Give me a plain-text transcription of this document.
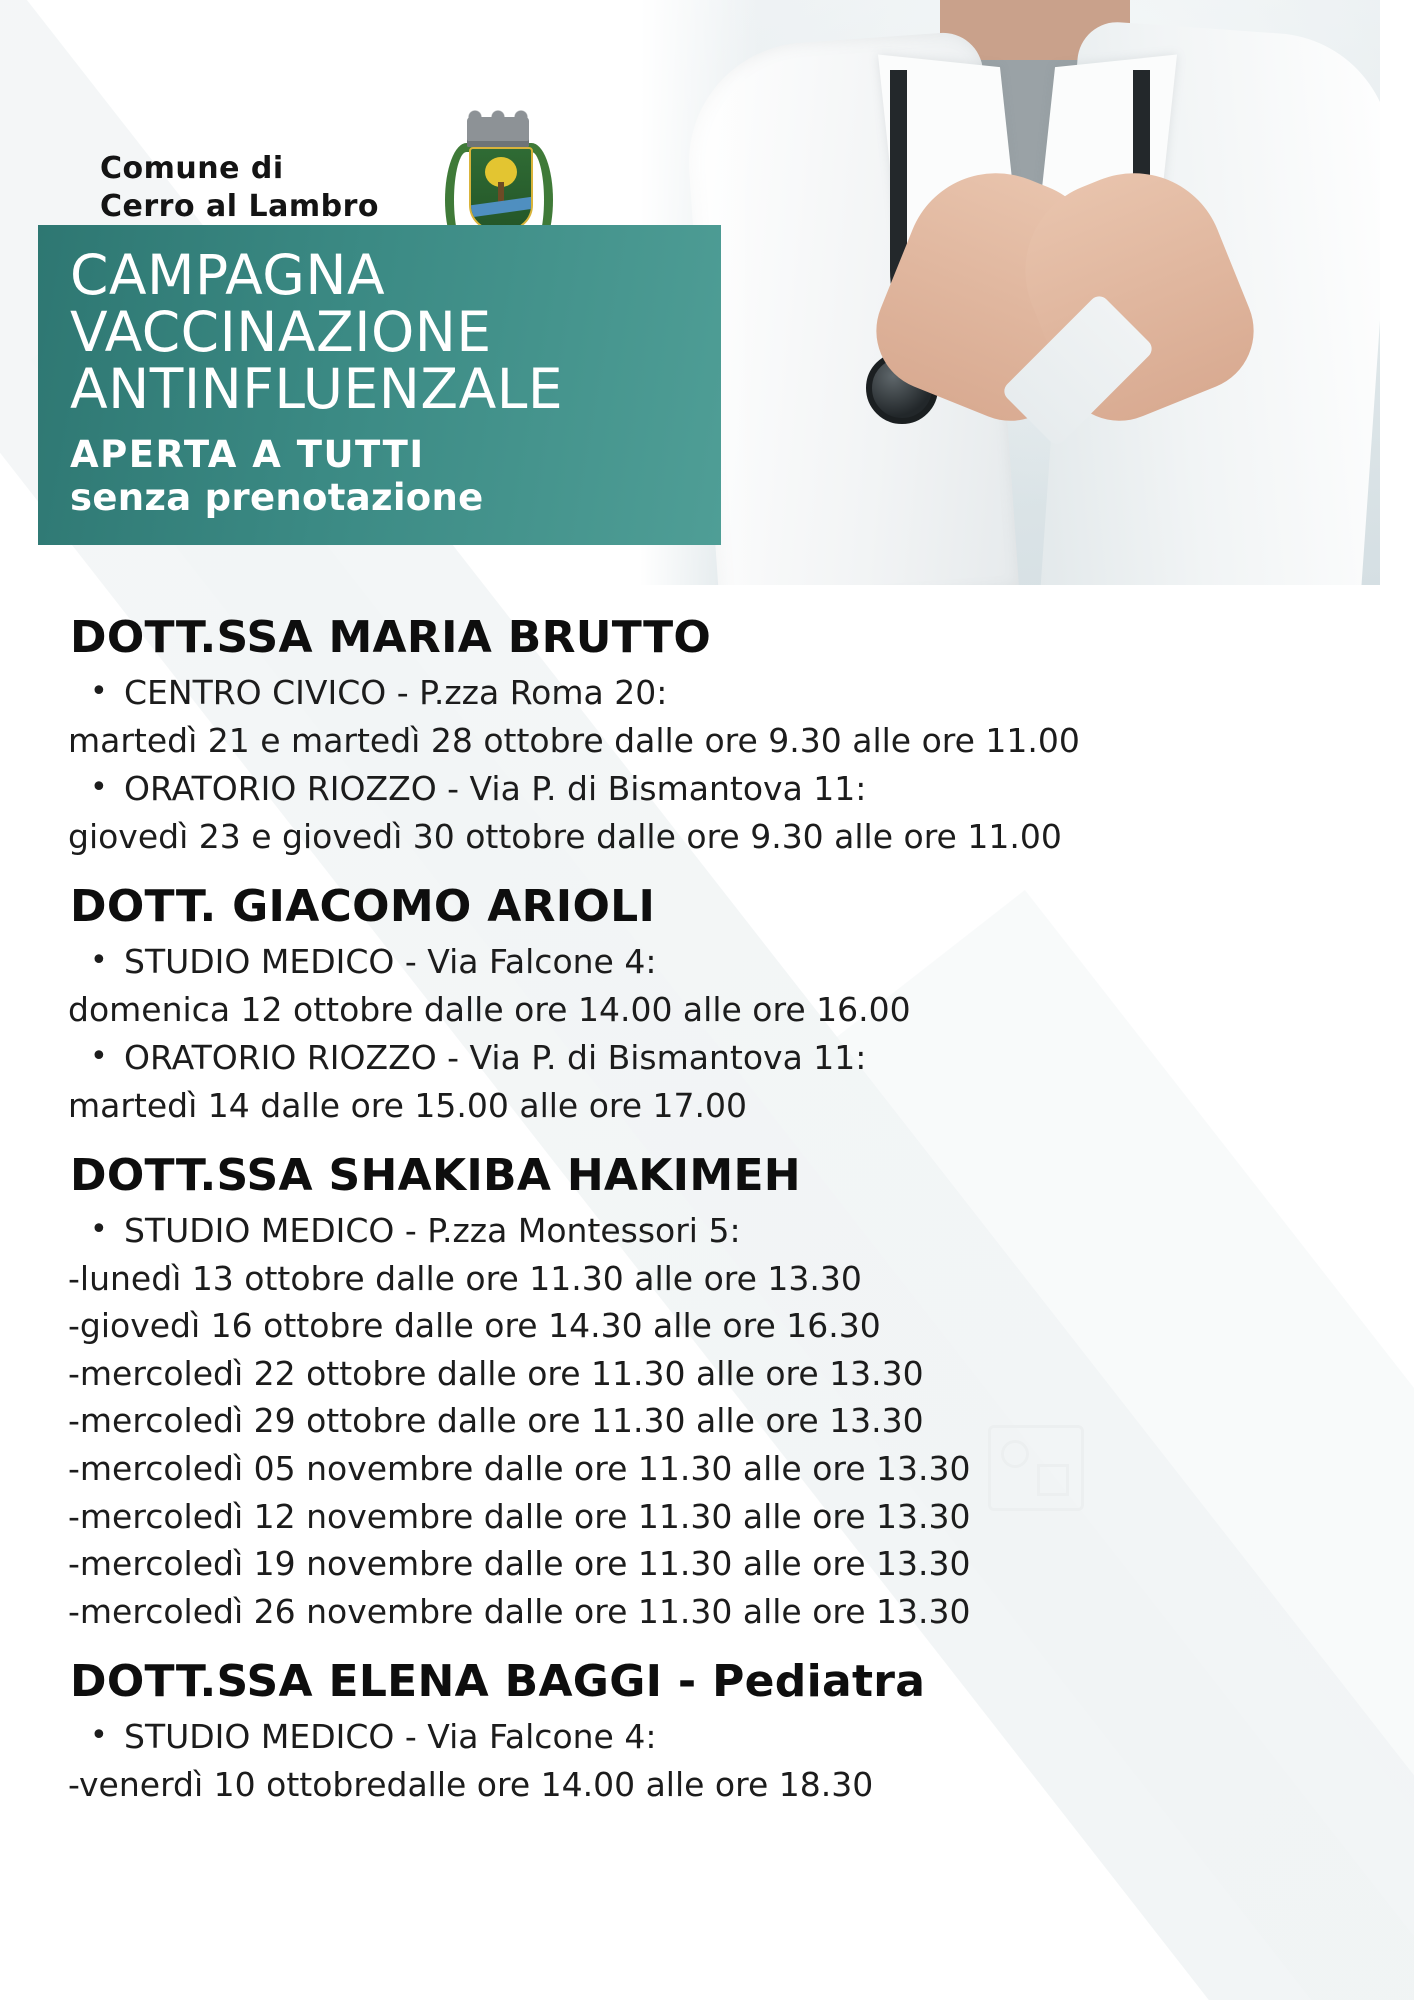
Comune di
Cerro al Lambro
CAMPAGNA
VACCINAZIONE
ANTINFLUENZALE
APERTA A TUTTI
senza prenotazione
DOTT.SSA MARIA BRUTTO
• CENTRO CIVICO - P.zza Roma 20:
martedì 21 e martedì 28 ottobre dalle ore 9.30 alle ore 11.00
• ORATORIO RIOZZO - Via P. di Bismantova 11:
giovedì 23 e giovedì 30 ottobre dalle ore 9.30 alle ore 11.00
DOTT. GIACOMO ARIOLI
• STUDIO MEDICO - Via Falcone 4:
domenica 12 ottobre dalle ore 14.00 alle ore 16.00
• ORATORIO RIOZZO - Via P. di Bismantova 11:
martedì 14 dalle ore 15.00 alle ore 17.00
DOTT.SSA SHAKIBA HAKIMEH
• STUDIO MEDICO - P.zza Montessori 5:
-lunedì 13 ottobre dalle ore 11.30 alle ore 13.30
-giovedì 16 ottobre dalle ore 14.30 alle ore 16.30
-mercoledì 22 ottobre dalle ore 11.30 alle ore 13.30
-mercoledì 29 ottobre dalle ore 11.30 alle ore 13.30
-mercoledì 05 novembre dalle ore 11.30 alle ore 13.30
-mercoledì 12 novembre dalle ore 11.30 alle ore 13.30
-mercoledì 19 novembre dalle ore 11.30 alle ore 13.30
-mercoledì 26 novembre dalle ore 11.30 alle ore 13.30
DOTT.SSA ELENA BAGGI - Pediatra
• STUDIO MEDICO - Via Falcone 4:
-venerdì 10 ottobredalle ore 14.00 alle ore 18.30
